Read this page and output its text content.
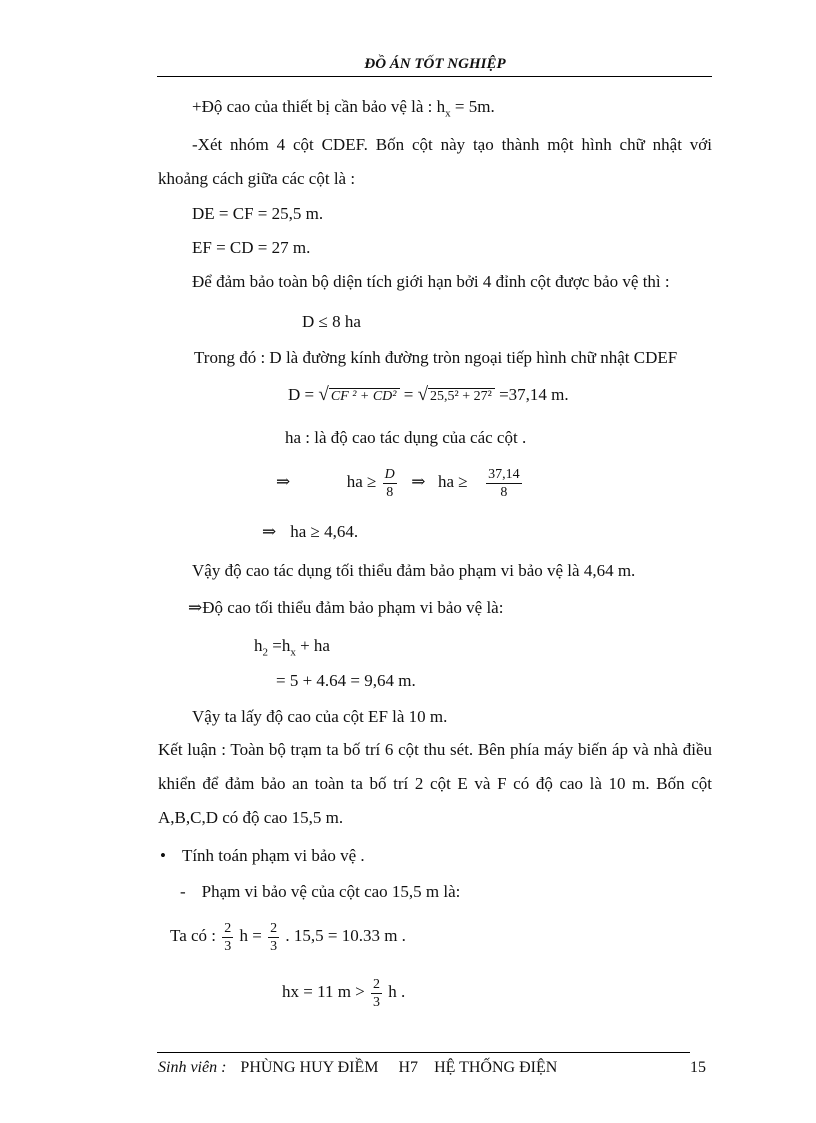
ĐỒ ÁN TỐT NGHIỆP
+Độ cao của thiết bị cần bảo vệ là : $h_x = 5m$.
-Xét nhóm 4 cột CDEF. Bốn cột này tạo thành một hình chữ nhật với khoảng cách giữa các cột là :
DE = CF = 25,5 m.
EF = CD = 27 m.
Để đảm bảo toàn bộ diện tích giới hạn bởi 4 đỉnh cột được bảo vệ thì :
D ≤ 8 ha
Trong đó : D là đường kính đường tròn ngoại tiếp hình chữ nhật CDEF
D = √ CF ² + CD² = √ 25,5² + 27² =37,14 m.
ha : là độ cao tác dụng của các cột .
⇒	ha ≥ $\frac{D}{8}$ ⇒ ha ≥ $\frac{37,14}{8}$
⇒ ha ≥ 4,64.
Vậy độ cao tác dụng tối thiểu đảm bảo phạm vi bảo vệ là 4,64 m.
⇒Độ cao tối thiểu đảm bảo phạm vi bảo vệ là:
$h_2 =h_x$ + ha
= 5 + 4.64 = 9,64 m.
Vậy ta lấy độ cao của cột EF là 10 m.
Kết luận : Toàn bộ trạm ta bố trí 6 cột thu sét. Bên phía máy biến áp và nhà điều khiển để đảm bảo an toàn ta bố trí 2 cột E và F có độ cao là 10 m. Bốn cột A,B,C,D có độ cao 15,5 m.
• Tính toán phạm vi bảo vệ .
- Phạm vi bảo vệ của cột cao 15,5 m là:
Ta có : $\frac{2}{3}$ $h = \frac{2}{3}$ . 15,5 = 10.33 m .
hx = 11 $m > \frac{2}{3}$ h .
Sinh viên : PHÙNG HUY ĐIỀM H7 HỆ THỐNG ĐIỆN	15
